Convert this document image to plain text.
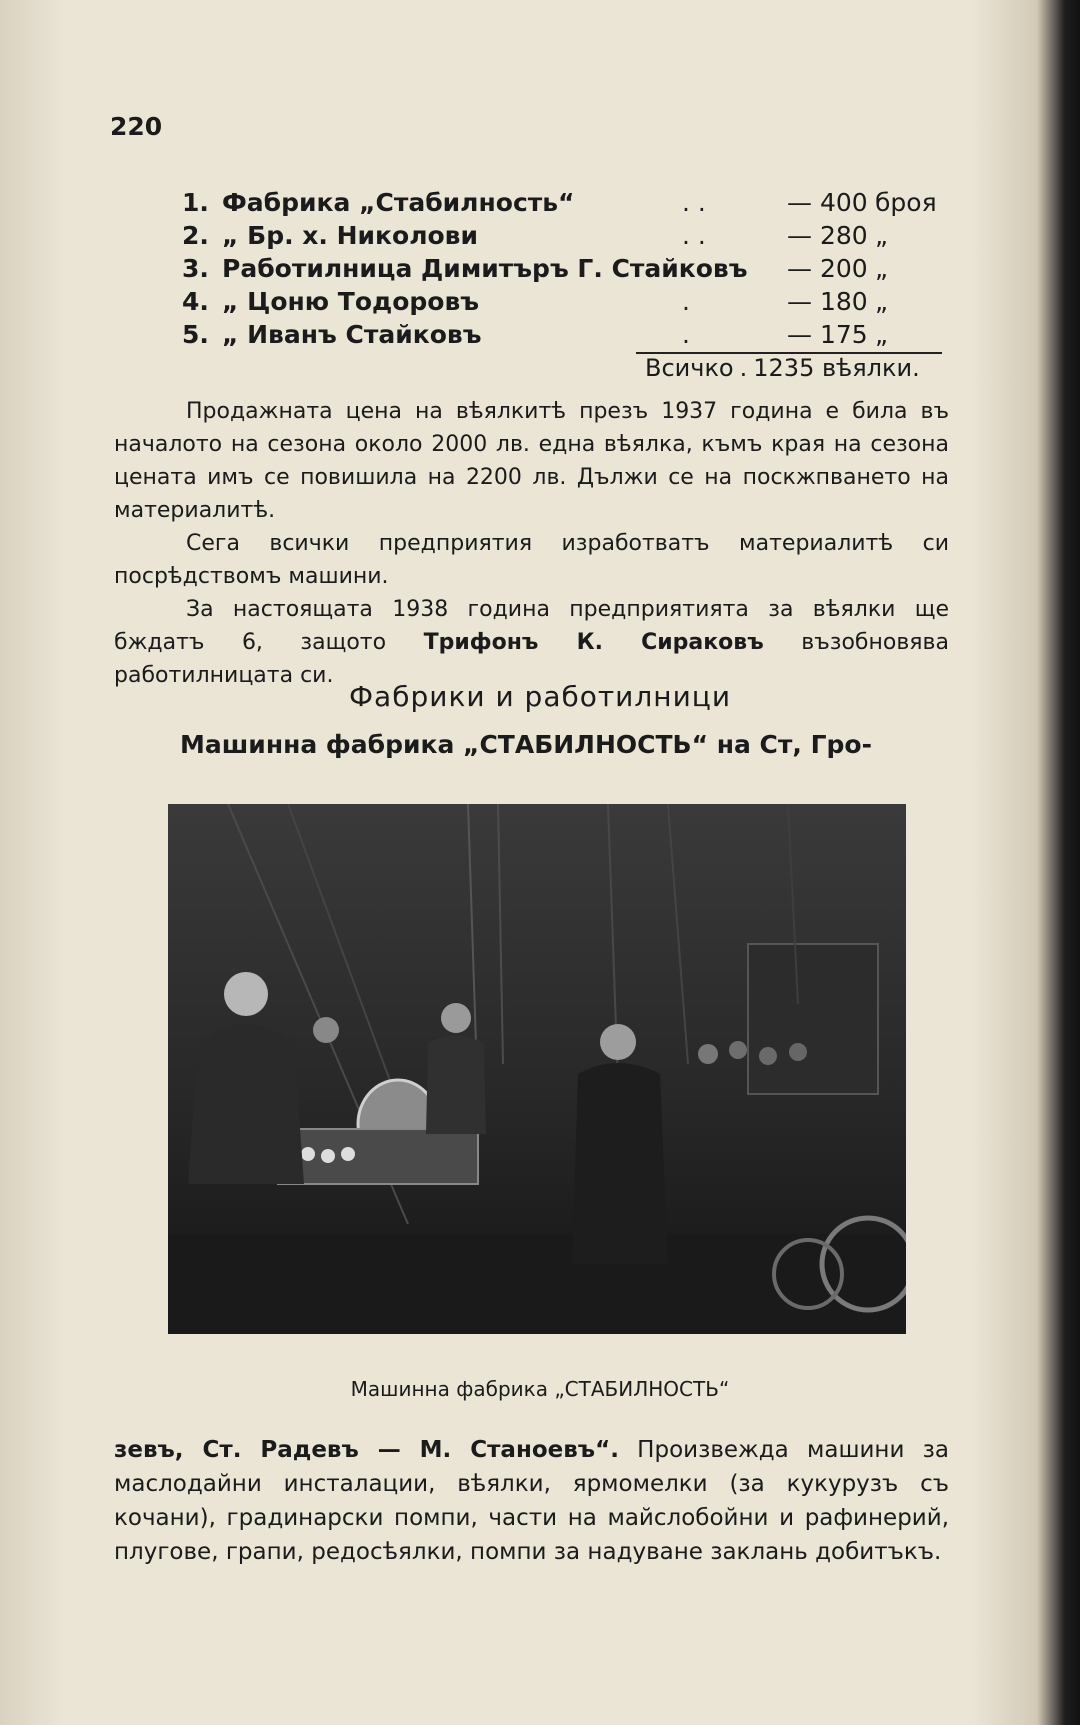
220
1. Фабрика „Стабилность“	. .	— 400 броя
2. „ Бр. х. Николови	. .	— 280 „
3. Работилница Димитъръ Г. Стайковъ — 200 „
4. „ Цоню Тодоровъ	.	— 180 „
5. „ Иванъ Стайковъ	.	— 175 „
Всичко . 1235 вѣялки.

Продажната цена на вѣялкитѣ презъ 1937 година е била въ началото на сезона около 2000 лв. една вѣялка, къмъ края на сезона цената имъ се повишила на 2200 лв. Дължи се на поскжпването на материалитѣ.

Сега всички предприятия изработватъ материалитѣ си посрѣдствомъ машини.

За настоящата 1938 година предприятията за вѣялки ще бждатъ 6, защото Трифонъ К. Сираковъ възобновява работилницата си.

Фабрики и работилници
Машинна фабрика „СТАБИЛНОСТЬ“ на Ст, Гро-
Машинна фабрика „СТАБИЛНОСТЬ“

зевъ, Ст. Радевъ — М. Станоевъ“. Произвежда машини за маслодайни инсталации, вѣялки, ярмомелки (за кукурузъ съ кочани), градинарски помпи, части на майслобойни и рафинерий, плугове, грапи, редосѣялки, помпи за надуване заклань добитъкъ.
